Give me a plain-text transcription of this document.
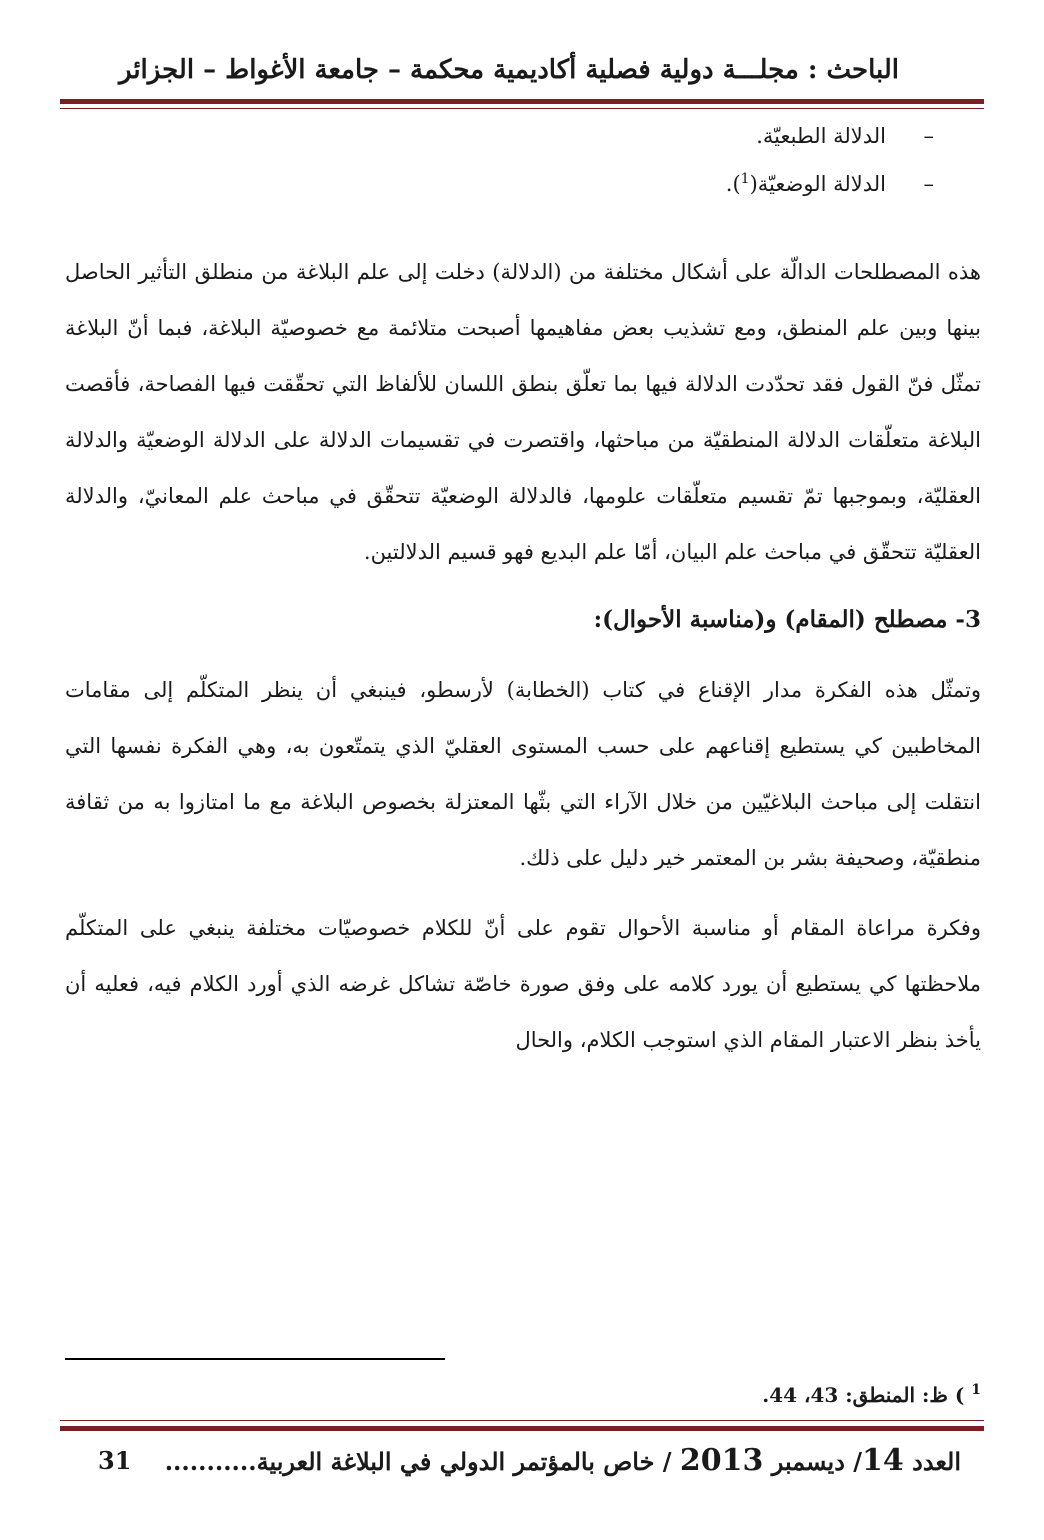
الباحث : مجلـــة دولية فصلية أكاديمية محكمة – جامعة الأغواط – الجزائر
–
الدلالة الطبعيّة.
–
الدلالة الوضعيّة($^1$).

هذه المصطلحات الدالّة على أشكال مختلفة من (الدلالة) دخلت إلى علم البلاغة من منطلق التأثير الحاصل بينها وبين علم المنطق، ومع تشذيب بعض مفاهيمها أصبحت متلائمة مع خصوصيّة البلاغة، فبما أنّ البلاغة تمثّل فنّ القول فقد تحدّدت الدلالة فيها بما تعلّق بنطق اللسان للألفاظ التي تحقّقت فيها الفصاحة، فأقصت البلاغة متعلّقات الدلالة المنطقيّة من مباحثها، واقتصرت في تقسيمات الدلالة على الدلالة الوضعيّة والدلالة العقليّة، وبموجبها تمّ تقسيم متعلّقات علومها، فالدلالة الوضعيّة تتحقّق في مباحث علم المعانيّ، والدلالة العقليّة تتحقّق في مباحث علم البيان، أمّا علم البديع فهو قسيم الدلالتين.

3- مصطلح (المقام) و(مناسبة الأحوال):

وتمثّل هذه الفكرة مدار الإقناع في كتاب (الخطابة) لأرسطو، فينبغي أن ينظر المتكلّم إلى مقامات المخاطبين كي يستطيع إقناعهم على حسب المستوى العقليّ الذي يتمتّعون به، وهي الفكرة نفسها التي انتقلت إلى مباحث البلاغيّين من خلال الآراء التي بثّها المعتزلة بخصوص البلاغة مع ما امتازوا به من ثقافة منطقيّة، وصحيفة بشر بن المعتمر خير دليل على ذلك.

وفكرة مراعاة المقام أو مناسبة الأحوال تقوم على أنّ للكلام خصوصيّات مختلفة ينبغي على المتكلّم ملاحظتها كي يستطيع أن يورد كلامه على وفق صورة خاصّة تشاكل غرضه الذي أورد الكلام فيه، فعليه أن يأخذ بنظر الاعتبار المقام الذي استوجب الكلام، والحال

$^1$ ) ظ: المنطق: 43، 44.
العدد 14/ ديسمبر 2013 / خاص بالمؤتمر الدولي في البلاغة العربية...........
31
